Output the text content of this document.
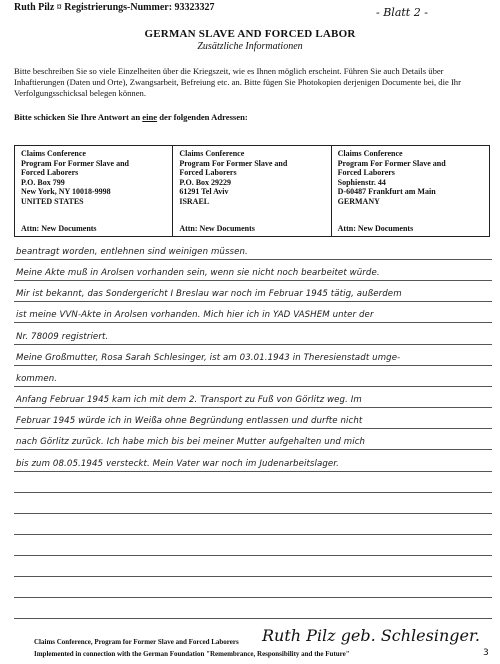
Ruth Pilz ¤ Registrierungs-Nummer: 93323327	- Blatt 2 -
GERMAN SLAVE AND FORCED LABOR
Zusätzliche Informationen
Bitte beschreiben Sie so viele Einzelheiten über die Kriegszeit, wie es Ihnen möglich erscheint. Führen Sie auch Details über Inhaftierungen (Daten und Orte), Zwangsarbeit, Befreiung etc. an. Bitte fügen Sie Photokopien derjenigen Documente bei, die Ihr Verfolgungsschicksal belegen können.
Bitte schicken Sie Ihre Antwort an eine der folgenden Adressen:
Claims Conference
Program For Former Slave and
Forced Laborers
P.O. Box 799
New York, NY 10018-9998
UNITED STATES
Attn: New Documents

Claims Conference
Program For Former Slave and
Forced Laborers
P.O. Box 29229
61291 Tel Aviv
ISRAEL
Attn: New Documents

Claims Conference
Program For Former Slave and
Forced Laborers
Sophienstr. 44
D-60487 Frankfurt am Main
GERMANY
Attn: New Documents
beantragt worden, entlehnen sind weinigen müssen.
Meine Akte muß in Arolsen vorhanden sein, wenn sie nicht noch bearbeitet würde.
Mir ist bekannt, das Sondergericht I Breslau war noch im Februar 1945 tätig, außerdem
ist meine VVN-Akte in Arolsen vorhanden. Mich hier ich in YAD VASHEM unter der
Nr. 78009 registriert.
Meine Großmutter, Rosa Sarah Schlesinger, ist am 03.01.1943 in Theresienstadt umge-
kommen.
Anfang Februar 1945 kam ich mit dem 2. Transport zu Fuß von Görlitz weg. Im
Februar 1945 würde ich in Weißa ohne Begründung entlassen und durfte nicht
nach Görlitz zurück. Ich habe mich bis bei meiner Mutter aufgehalten und mich
bis zum 08.05.1945 versteckt. Mein Vater war noch im Judenarbeitslager.
Claims Conference, Program for Former Slave and Forced Laborers
Implemented in connection with the German Foundation "Remembrance, Responsibility and the Future"
Ruth Pilz geb. Schlesinger.
3
